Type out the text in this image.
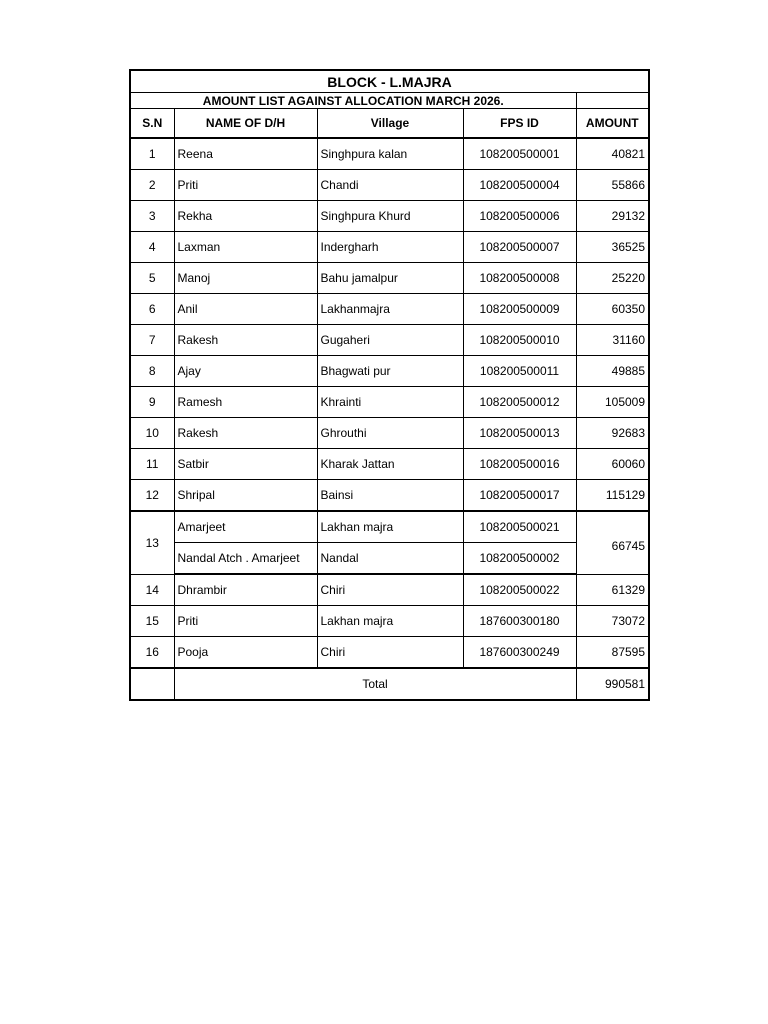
BLOCK - L.MAJRA				
AMOUNT LIST AGAINST ALLOCATION MARCH 2026.				
S.N	NAME OF D/H	Village	FPS ID	AMOUNT
1	Reena	Singhpura kalan	108200500001	40821
2	Priti	Chandi	108200500004	55866
3	Rekha	Singhpura Khurd	108200500006	29132
4	Laxman	Indergharh	108200500007	36525
5	Manoj	Bahu jamalpur	108200500008	25220
6	Anil	Lakhanmajra	108200500009	60350
7	Rakesh	Gugaheri	108200500010	31160
8	Ajay	Bhagwati pur	108200500011	49885
9	Ramesh	Khrainti	108200500012	105009
10	Rakesh	Ghrouthi	108200500013	92683
11	Satbir	Kharak Jattan	108200500016	60060
12	Shripal	Bainsi	108200500017	115129
13	Amarjeet	Lakhan majra	108200500021	66745
	Nandal Atch . Amarjeet	Nandal	108200500002	
14	Dhrambir	Chiri	108200500022	61329
15	Priti	Lakhan majra	187600300180	73072
16	Pooja	Chiri	187600300249	87595
	Total			990581
